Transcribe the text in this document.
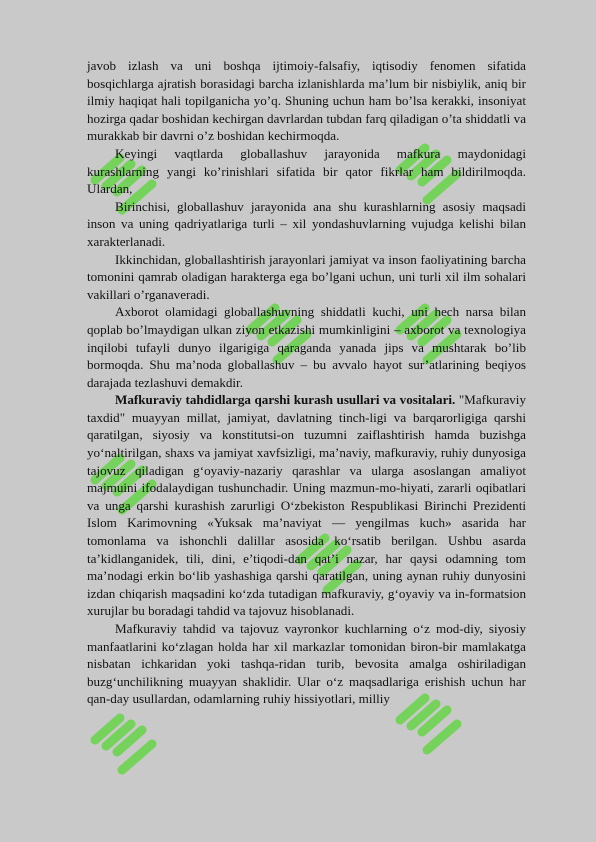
javob izlash va uni boshqa ijtimoiy-falsafiy, iqtisodiy fenomen sifatida bosqichlarga ajratish borasidagi barcha izlanishlarda ma’lum bir nisbiylik, aniq bir ilmiy haqiqat hali topilganicha yo’q. Shuning uchun ham bo’lsa kerakki, insoniyat hozirga qadar boshidan kechirgan davrlardan tubdan farq qiladigan o’ta shiddatli va murakkab bir davrni o’z boshidan kechirmoqda.

Keyingi vaqtlarda globallashuv jarayonida mafkura maydonidagi kurashlarning yangi ko’rinishlari sifatida bir qator fikrlar ham bildirilmoqda. Ulardan,

Birinchisi, globallashuv jarayonida ana shu kurashlarning asosiy maqsadi inson va uning qadriyatlariga turli – xil yondashuvlarning vujudga kelishi bilan xarakterlanadi.

Ikkinchidan, globallashtirish jarayonlari jamiyat va inson faoliyatining barcha tomonini qamrab oladigan harakterga ega bo’lgani uchun, uni turli xil ilm sohalari vakillari o’rganaveradi.

Axborot olamidagi globallashuvning shiddatli kuchi, uni hech narsa bilan qoplab bo’lmaydigan ulkan ziyon etkazishi mumkinligini – axborot va texnologiya inqilobi tufayli dunyo ilgarigiga qaraganda yanada jips va mushtarak bo’lib bormoqda. Shu ma’noda globallashuv – bu avvalo hayot sur’atlarining beqiyos darajada tezlashuvi demakdir.

Mafkuraviy tahdidlarga qarshi kurash usullari va vositalari. "Mafkuraviy taxdid" muayyan millat, jamiyat, davlatning tinch-ligi va barqarorligiga qarshi qaratilgan, siyosiy va konstitutsi-on tuzumni zaiflashtirish hamda buzishga yo‘naltirilgan, shaxs va jamiyat xavfsizligi, ma’naviy, mafkuraviy, ruhiy dunyosiga tajovuz qiladigan g‘oyaviy-nazariy qarashlar va ularga asoslangan amaliyot majmuini ifodalaydigan tushunchadir. Uning mazmun-mo-hiyati, zararli oqibatlari va unga qarshi kurashish zarurligi O‘zbekiston Respublikasi Birinchi Prezidenti Islom Karimovning «Yuksak ma’naviyat — yengilmas kuch» asarida har tomonlama va ishonchli dalillar asosida ko‘rsatib berilgan. Ushbu asarda ta’kidlanganidek, tili, dini, e’tiqodi-dan qat’i nazar, har qaysi odamning tom ma’nodagi erkin bo‘lib yashashiga qarshi qaratilgan, uning aynan ruhiy dunyosini izdan chiqarish maqsadini ko‘zda tutadigan mafkuraviy, g‘oyaviy va in-formatsion xurujlar bu boradagi tahdid va tajovuz hisoblanadi.

Mafkuraviy tahdid va tajovuz vayronkor kuchlarning o‘z mod-diy, siyosiy manfaatlarini ko‘zlagan holda har xil markazlar tomonidan biron-bir mamlakatga nisbatan ichkaridan yoki tashqa-ridan turib, bevosita amalga oshiriladigan buzg‘unchilikning muayyan shaklidir. Ular o‘z maqsadlariga erishish uchun har qan-day usullardan, odamlarning ruhiy hissiyotlari, milliy
